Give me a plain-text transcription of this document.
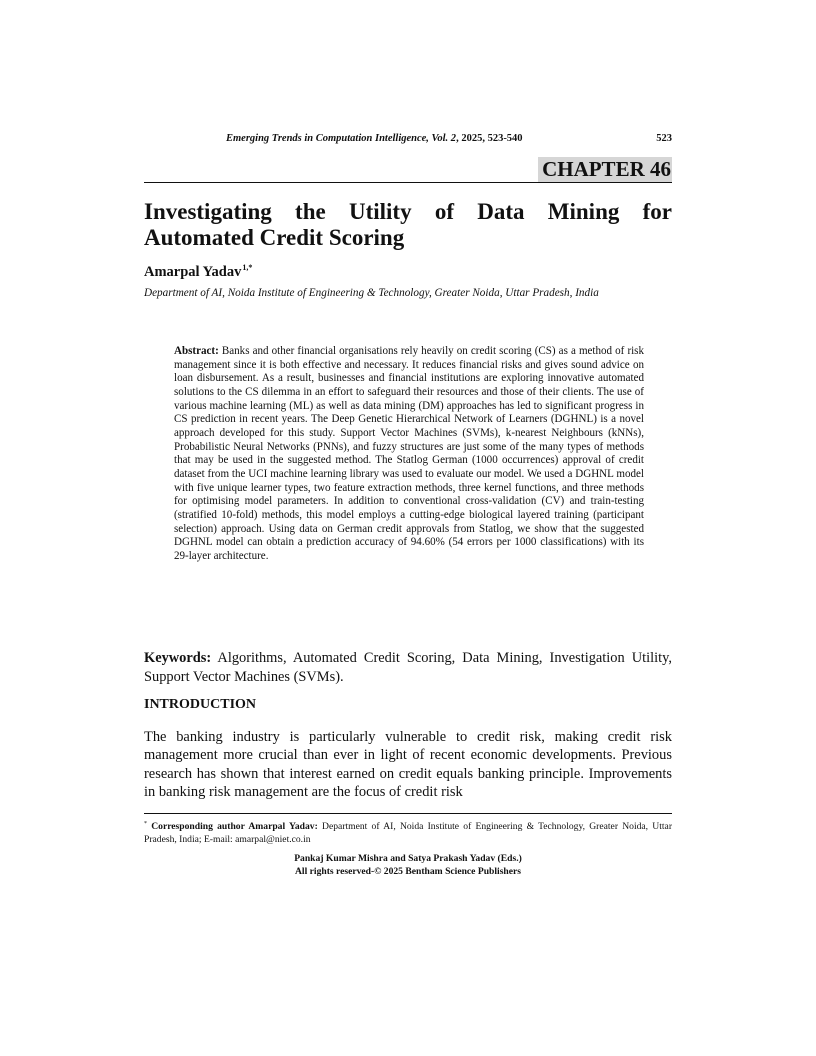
Emerging Trends in Computation Intelligence, Vol. 2, 2025, 523-540	523
CHAPTER 46
Investigating the Utility of Data Mining for
Automated Credit Scoring
Amarpal Yadav$^{1,*}$
Department of AI, Noida Institute of Engineering & Technology, Greater Noida, Uttar Pradesh, India

Abstract: Banks and other financial organisations rely heavily on credit scoring (CS) as a method of risk management since it is both effective and necessary. It reduces financial risks and gives sound advice on loan disbursement. As a result, businesses and financial institutions are exploring innovative automated solutions to the CS dilemma in an effort to safeguard their resources and those of their clients. The use of various machine learning (ML) as well as data mining (DM) approaches has led to significant progress in CS prediction in recent years. The Deep Genetic Hierarchical Network of Learners (DGHNL) is a novel approach developed for this study. Support Vector Machines (SVMs), k-nearest Neighbours (kNNs), Probabilistic Neural Networks (PNNs), and fuzzy structures are just some of the many types of methods that may be used in the suggested method. The Statlog German (1000 occurrences) approval of credit dataset from the UCI machine learning library was used to evaluate our model. We used a DGHNL model with five unique learner types, two feature extraction methods, three kernel functions, and three methods for optimising model parameters. In addition to conventional cross-validation (CV) and train-testing (stratified 10-fold) methods, this model employs a cutting-edge biological layered training (participant selection) approach. Using data on German credit approvals from Statlog, we show that the suggested DGHNL model can obtain a prediction accuracy of 94.60% (54 errors per 1000 classifications) with its 29-layer architecture.

Keywords: Algorithms, Automated Credit Scoring, Data Mining, Investigation Utility, Support Vector Machines (SVMs).

INTRODUCTION

The banking industry is particularly vulnerable to credit risk, making credit risk management more crucial than ever in light of recent economic developments. Previous research has shown that interest earned on credit equals banking principle. Improvements in banking risk management are the focus of credit risk

* Corresponding author Amarpal Yadav: Department of AI, Noida Institute of Engineering & Technology, Greater Noida, Uttar Pradesh, India; E-mail: amarpal@niet.co.in

Pankaj Kumar Mishra and Satya Prakash Yadav (Eds.)
All rights reserved-© 2025 Bentham Science Publishers
